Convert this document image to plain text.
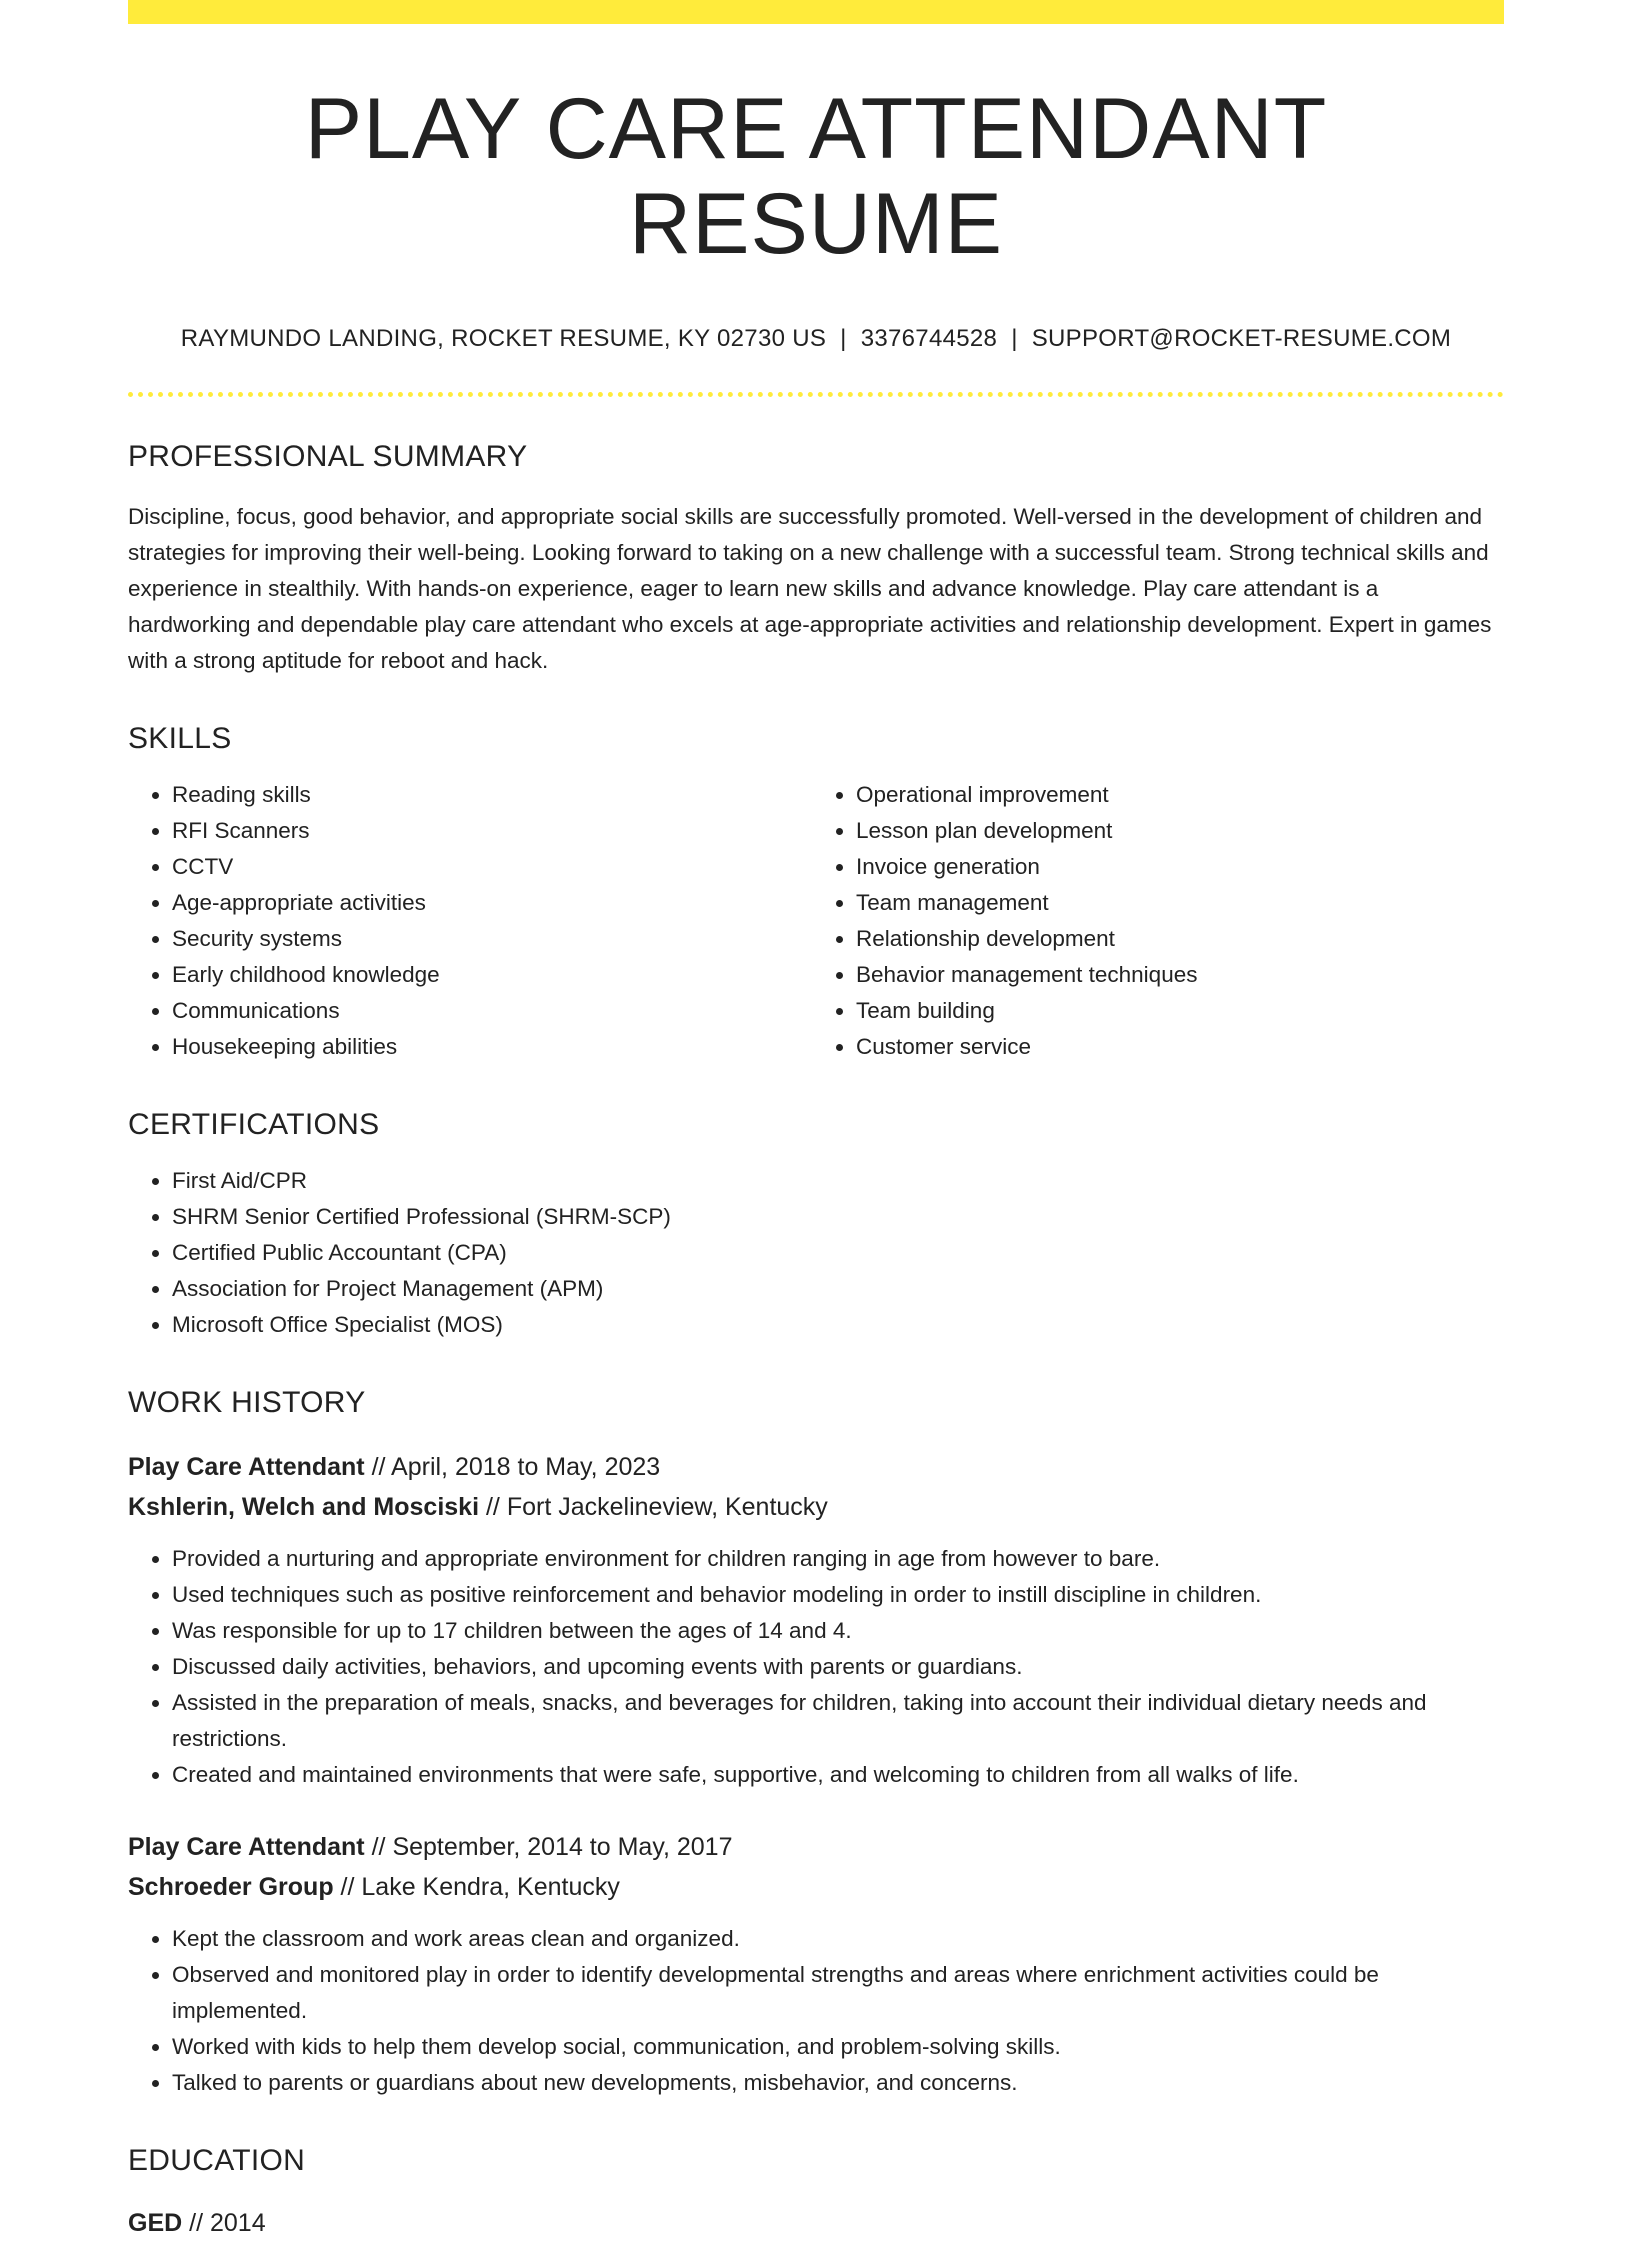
PLAY CARE ATTENDANT RESUME
RAYMUNDO LANDING, ROCKET RESUME, KY 02730 US | 3376744528 | SUPPORT@ROCKET-RESUME.COM
PROFESSIONAL SUMMARY

Discipline, focus, good behavior, and appropriate social skills are successfully promoted. Well-versed in the development of children and strategies for improving their well-being. Looking forward to taking on a new challenge with a successful team. Strong technical skills and experience in stealthily. With hands-on experience, eager to learn new skills and advance knowledge. Play care attendant is a hardworking and dependable play care attendant who excels at age-appropriate activities and relationship development. Expert in games with a strong aptitude for reboot and hack.

SKILLS
• Reading skills
• RFI Scanners
• CCTV
• Age-appropriate activities
• Security systems
• Early childhood knowledge
• Communications
• Housekeeping abilities
• Operational improvement
• Lesson plan development
• Invoice generation
• Team management
• Relationship development
• Behavior management techniques
• Team building
• Customer service
CERTIFICATIONS
• First Aid/CPR
• SHRM Senior Certified Professional (SHRM-SCP)
• Certified Public Accountant (CPA)
• Association for Project Management (APM)
• Microsoft Office Specialist (MOS)
WORK HISTORY
Play Care Attendant // April, 2018 to May, 2023
Kshlerin, Welch and Mosciski // Fort Jackelineview, Kentucky
• Provided a nurturing and appropriate environment for children ranging in age from however to bare.
• Used techniques such as positive reinforcement and behavior modeling in order to instill discipline in children.
• Was responsible for up to 17 children between the ages of 14 and 4.
• Discussed daily activities, behaviors, and upcoming events with parents or guardians.
• Assisted in the preparation of meals, snacks, and beverages for children, taking into account their individual dietary needs and restrictions.
• Created and maintained environments that were safe, supportive, and welcoming to children from all walks of life.
Play Care Attendant // September, 2014 to May, 2017
Schroeder Group // Lake Kendra, Kentucky
• Kept the classroom and work areas clean and organized.
• Observed and monitored play in order to identify developmental strengths and areas where enrichment activities could be implemented.
• Worked with kids to help them develop social, communication, and problem-solving skills.
• Talked to parents or guardians about new developments, misbehavior, and concerns.
EDUCATION
GED // 2014
